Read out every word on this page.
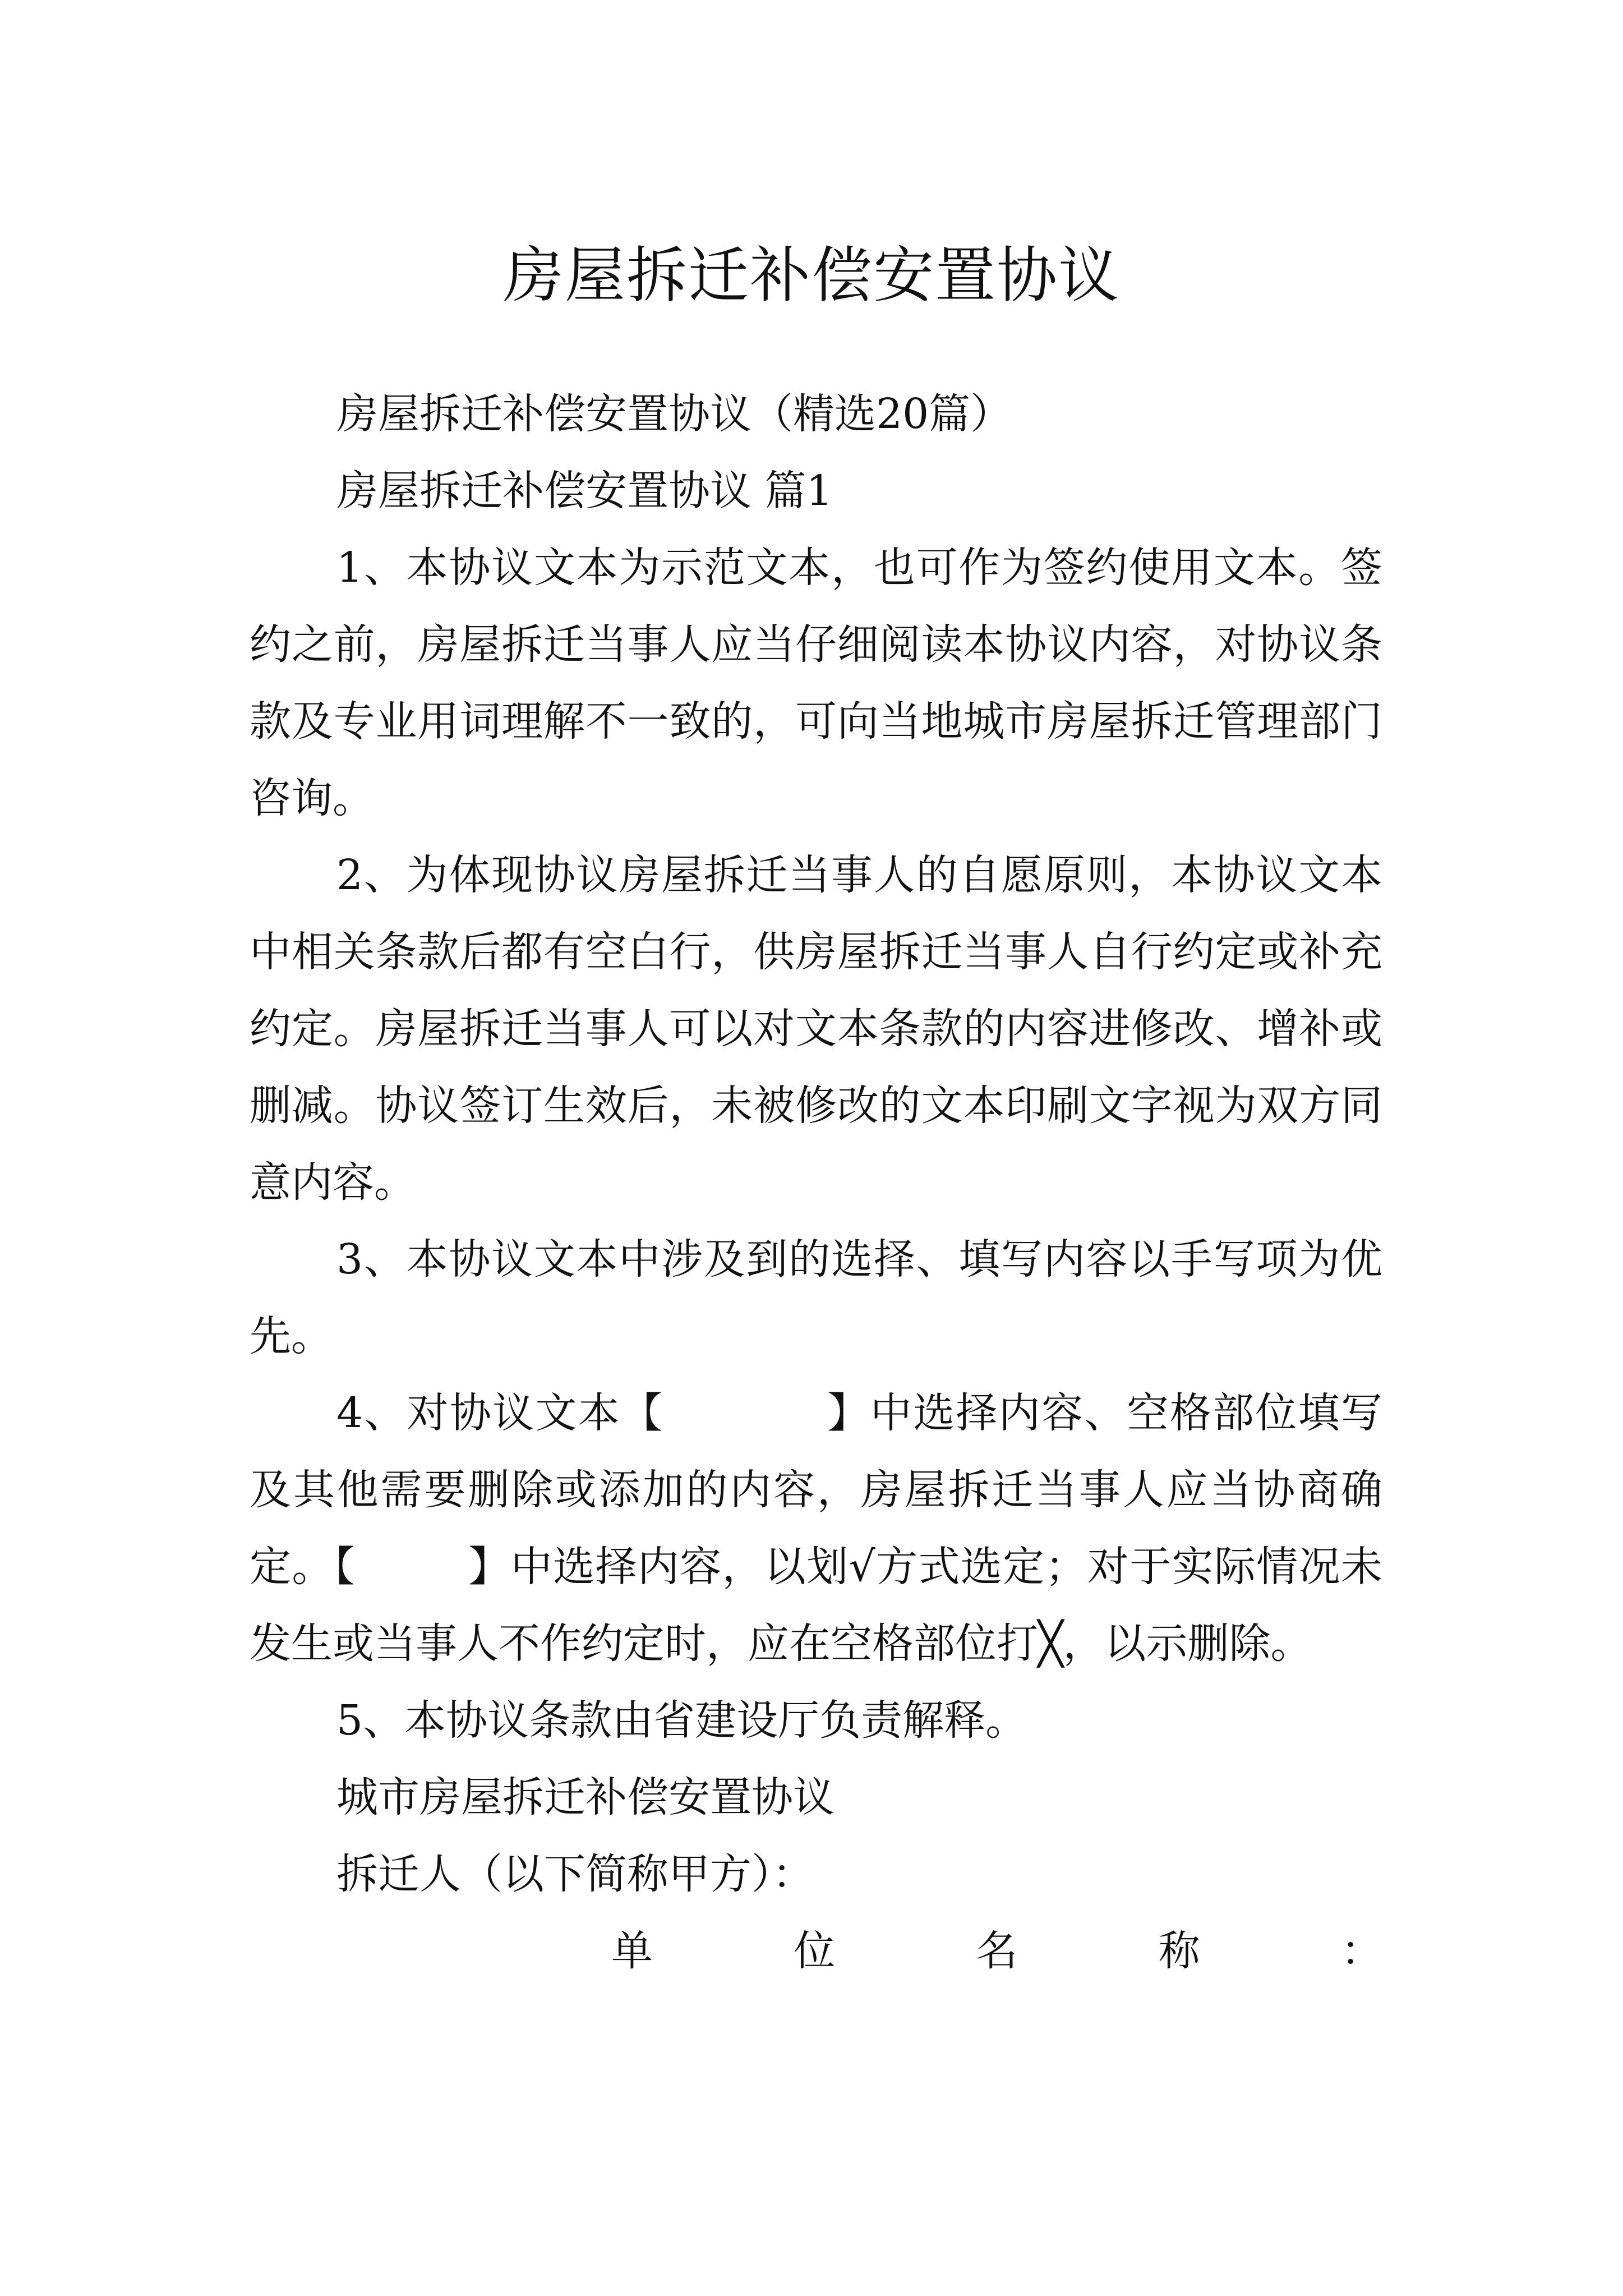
房屋拆迁补偿安置协议

房屋拆迁补偿安置协议（精选20篇）

房屋拆迁补偿安置协议 篇1

1、本协议文本为示范文本，也可作为签约使用文本。签约之前，房屋拆迁当事人应当仔细阅读本协议内容，对协议条款及专业用词理解不一致的，可向当地城市房屋拆迁管理部门咨询。

2、为体现协议房屋拆迁当事人的自愿原则，本协议文本中相关条款后都有空白行，供房屋拆迁当事人自行约定或补充约定。房屋拆迁当事人可以对文本条款的内容进修改、增补或删减。协议签订生效后，未被修改的文本印刷文字视为双方同意内容。

3、本协议文本中涉及到的选择、填写内容以手写项为优先。

4、对协议文本【	】中选择内容、空格部位填写及其他需要删除或添加的内容，房屋拆迁当事人应当协商确定。【	】中选择内容，以划√方式选定；对于实际情况未发生或当事人不作约定时，应在空格部位打╳，以示删除。

5、本协议条款由省建设厅负责解释。

城市房屋拆迁补偿安置协议

拆迁人（以下简称甲方）：

单	位	名	称	：
